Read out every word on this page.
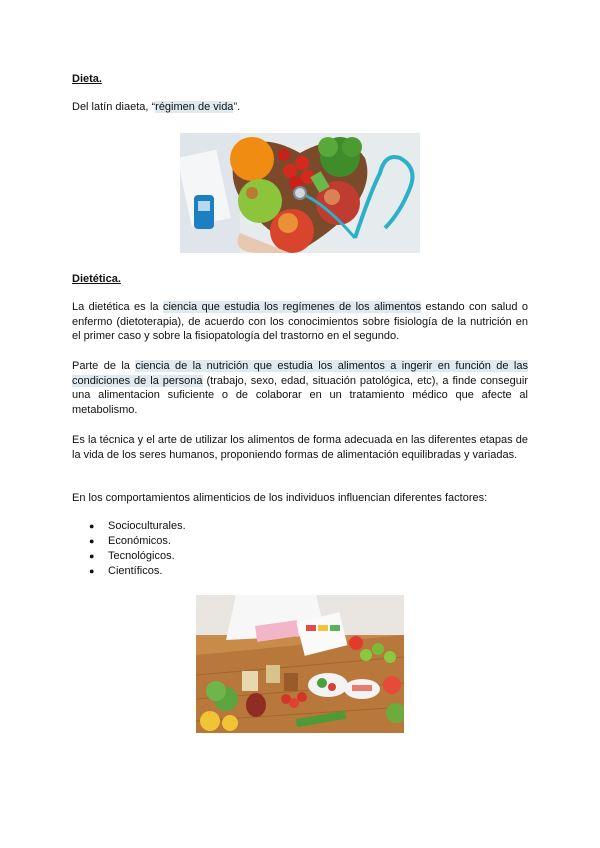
Dieta.

Del latín diaeta, “régimen de vida”.

Dietética.

La dietética es la ciencia que estudia los regímenes de los alimentos estando con salud o enfermo (dietoterapia), de acuerdo con los conocimientos sobre fisiología de la nutrición en el primer caso y sobre la fisiopatología del trastorno en el segundo.

Parte de la ciencia de la nutrición que estudia los alimentos a ingerir en función de las condiciones de la persona (trabajo, sexo, edad, situación patológica, etc), a finde conseguir una alimentacion suficiente o de colaborar en un tratamiento médico que afecte al metabolismo.

Es la técnica y el arte de utilizar los alimentos de forma adecuada en las diferentes etapas de la vida de los seres humanos, proponiendo formas de alimentación equilibradas y variadas.

En los comportamientos alimenticios de los individuos influencian diferentes factores:

● Socioculturales.
● Económicos.
● Tecnológicos.
● Científicos.
